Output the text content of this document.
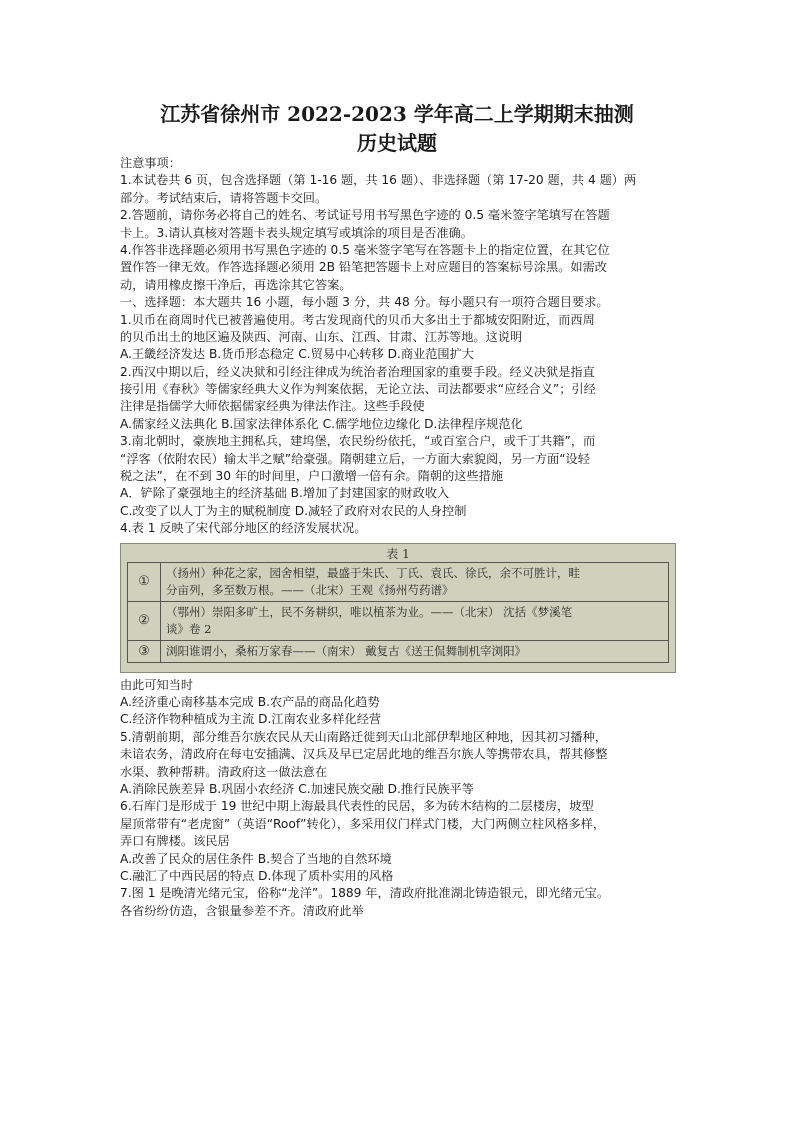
江苏省徐州市 2022-2023 学年高二上学期期末抽测
历史试题
注意事项：
1.本试卷共 6 页，包含选择题（第 1-16 题，共 16 题）、非选择题（第 17-20 题，共 4 题）两
部分。考试结束后，请将答题卡交回。
2.答题前，请你务必将自己的姓名、考试证号用书写黑色字迹的 0.5 毫米签字笔填写在答题
卡上。3.请认真核对答题卡表头规定填写或填涂的项目是否准确。
4.作答非选择题必须用书写黑色字迹的 0.5 毫米签字笔写在答题卡上的指定位置，在其它位
置作答一律无效。作答选择题必须用 2B 铅笔把答题卡上对应题目的答案标号涂黑。如需改
动，请用橡皮擦干净后，再选涂其它答案。
一、选择题：本大题共 16 小题，每小题 3 分，共 48 分。每小题只有一项符合题目要求。
1.贝币在商周时代已被普遍使用。考古发现商代的贝币大多出土于都城安阳附近，而西周
的贝币出土的地区遍及陕西、河南、山东、江西、甘肃、江苏等地。这说明
A.王畿经济发达 B.货币形态稳定 C.贸易中心转移 D.商业范围扩大
2.西汉中期以后，经义决狱和引经注律成为统治者治理国家的重要手段。经义决狱是指直
接引用《春秋》等儒家经典大义作为判案依据，无论立法、司法都要求“应经合义”；引经
注律是指儒学大师依据儒家经典为律法作注。这些手段使
A.儒家经义法典化 B.国家法律体系化 C.儒学地位边缘化 D.法律程序规范化
3.南北朝时，豪族地主拥私兵，建坞堡，农民纷纷依托，“或百室合户，或千丁共籍”，而
“浮客（依附农民）输太半之赋”给豪强。隋朝建立后，一方面大索貌阅，另一方面“设轻
税之法”，在不到 30 年的时间里，户口激增一倍有余。隋朝的这些措施
A．铲除了豪强地主的经济基础 B.增加了封建国家的财政收入
C.改变了以人丁为主的赋税制度 D.减轻了政府对农民的人身控制
4.表 1 反映了宋代部分地区的经济发展状况。
表 1
①	（扬州）种花之家，园舍相望，最盛于朱氏、丁氏、袁氏、徐氏，余不可胜计，畦
分亩列，多至数万根。——（北宋）王观《扬州芍药谱》

②	（鄂州）崇阳多旷土，民不务耕织，唯以植茶为业。——（北宋） 沈括《梦溪笔
谈》卷 2

③	浏阳谁谓小，桑柘万家春——（南宋） 戴复古《送王侃舞制机宰浏阳》
由此可知当时
A.经济重心南移基本完成 B.农产品的商品化趋势
C.经济作物种植成为主流 D.江南农业多样化经营
5.清朝前期，部分维吾尔族农民从天山南路迁徙到天山北部伊犁地区种地，因其初习播种，
未谙农务，清政府在每屯安插满、汉兵及早已定居此地的维吾尔族人等携带农具，帮其修整
水渠、教种帮耕。清政府这一做法意在
A.消除民族差异 B.巩固小农经济 C.加速民族交融 D.推行民族平等
6.石库门是形成于 19 世纪中期上海最具代表性的民居，多为砖木结构的二层楼房，坡型
屋顶常带有“老虎窗”（英语“Roof”转化），多采用仪门样式门楼，大门两侧立柱风格多样，
弄口有牌楼。该民居
A.改善了民众的居住条件 B.契合了当地的自然环境
C.融汇了中西民居的特点 D.体现了质朴实用的风格
7.图 1 是晚清光绪元宝，俗称“龙洋”。1889 年，清政府批准湖北铸造银元，即光绪元宝。
各省纷纷仿造，含银量参差不齐。清政府此举
